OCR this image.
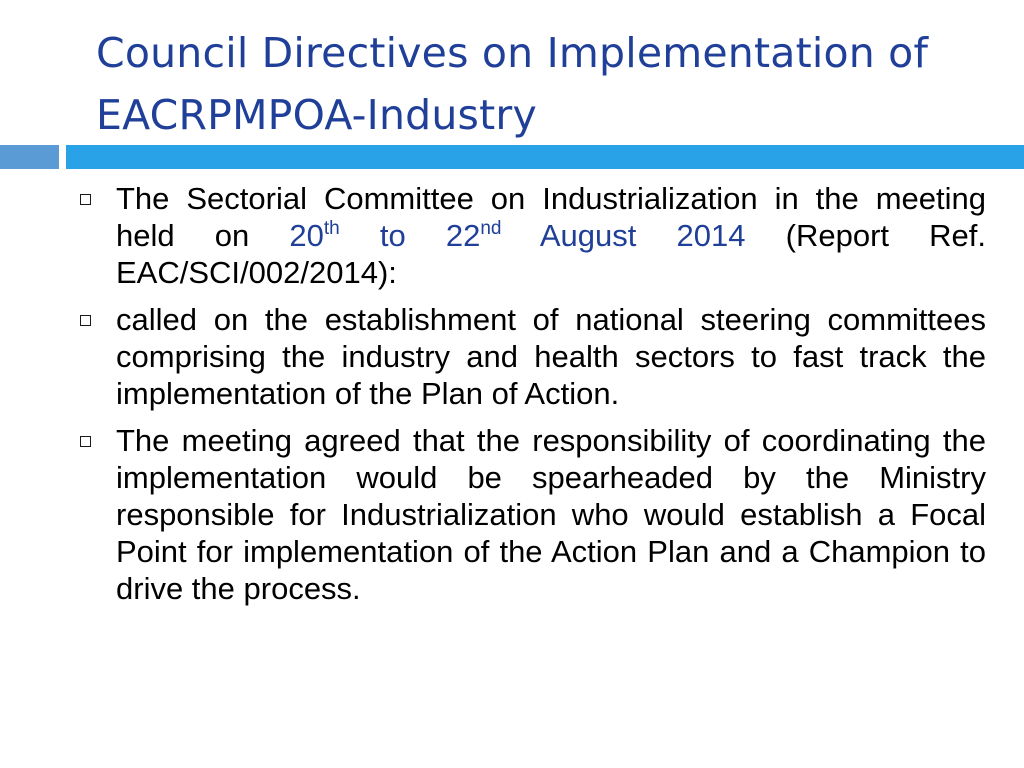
Council Directives on Implementation of
EACRPMPOA-Industry
The Sectorial Committee on Industrialization in the meeting held on 20th to 22nd August 2014 (Report Ref. EAC/SCI/002/2014):
called on the establishment of national steering committees comprising the industry and health sectors to fast track the implementation of the Plan of Action.
The meeting agreed that the responsibility of coordinating the implementation would be spearheaded by the Ministry responsible for Industrialization who would establish a Focal Point for implementation of the Action Plan and a Champion to drive the process.
